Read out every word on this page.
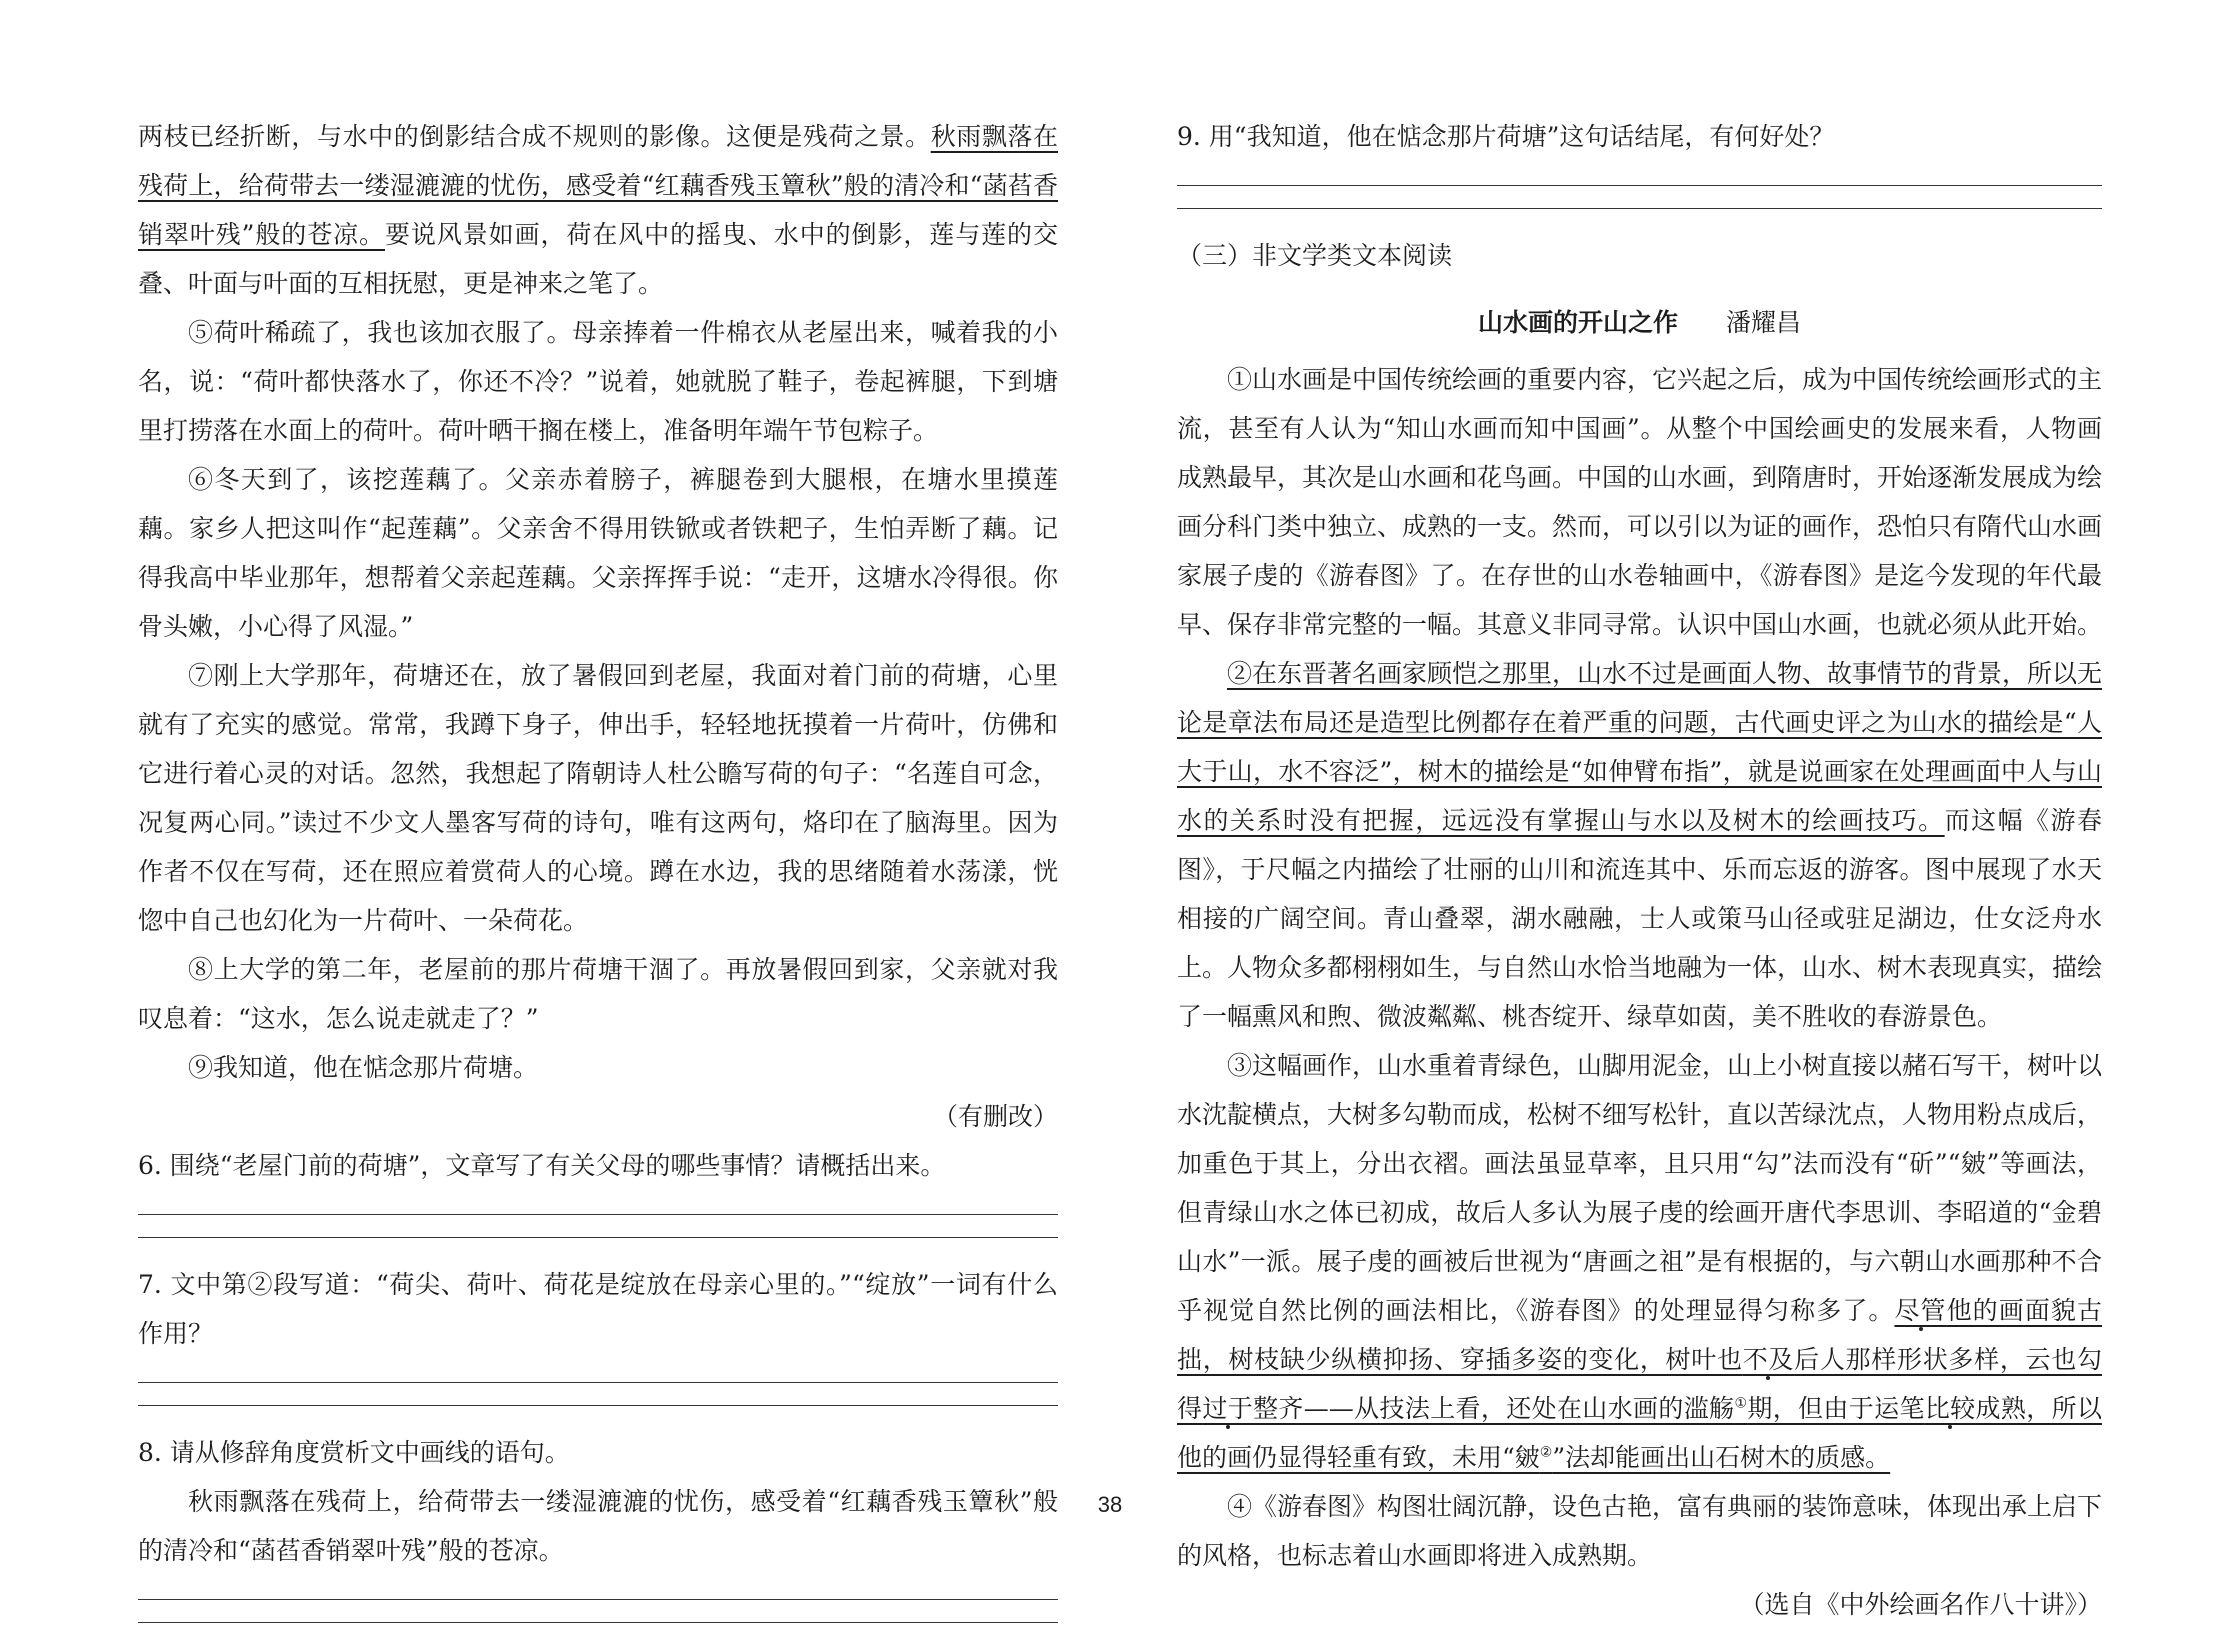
两枝已经折断，与水中的倒影结合成不规则的影像。这便是残荷之景。秋雨飘落在残荷上，给荷带去一缕湿漉漉的忧伤，感受着“红藕香残玉簟秋”般的清冷和“菡萏香销翠叶残”般的苍凉。要说风景如画，荷在风中的摇曳、水中的倒影，莲与莲的交叠、叶面与叶面的互相抚慰，更是神来之笔了。

⑤荷叶稀疏了，我也该加衣服了。母亲捧着一件棉衣从老屋出来，喊着我的小名，说：“荷叶都快落水了，你还不冷？”说着，她就脱了鞋子，卷起裤腿，下到塘里打捞落在水面上的荷叶。荷叶晒干搁在楼上，准备明年端午节包粽子。

⑥冬天到了，该挖莲藕了。父亲赤着膀子，裤腿卷到大腿根，在塘水里摸莲藕。家乡人把这叫作“起莲藕”。父亲舍不得用铁锨或者铁耙子，生怕弄断了藕。记得我高中毕业那年，想帮着父亲起莲藕。父亲挥挥手说：“走开，这塘水冷得很。你骨头嫩，小心得了风湿。”

⑦刚上大学那年，荷塘还在，放了暑假回到老屋，我面对着门前的荷塘，心里就有了充实的感觉。常常，我蹲下身子，伸出手，轻轻地抚摸着一片荷叶，仿佛和它进行着心灵的对话。忽然，我想起了隋朝诗人杜公瞻写荷的句子：“名莲自可念，况复两心同。”读过不少文人墨客写荷的诗句，唯有这两句，烙印在了脑海里。因为作者不仅在写荷，还在照应着赏荷人的心境。蹲在水边，我的思绪随着水荡漾，恍惚中自己也幻化为一片荷叶、一朵荷花。

⑧上大学的第二年，老屋前的那片荷塘干涸了。再放暑假回到家，父亲就对我叹息着：“这水，怎么说走就走了？”

⑨我知道，他在惦念那片荷塘。

（有删改）

6. 围绕“老屋门前的荷塘”，文章写了有关父母的哪些事情？请概括出来。

7. 文中第②段写道：“荷尖、荷叶、荷花是绽放在母亲心里的。”“绽放”一词有什么作用？

8. 请从修辞角度赏析文中画线的语句。

秋雨飘落在残荷上，给荷带去一缕湿漉漉的忧伤，感受着“红藕香残玉簟秋”般的清冷和“菡萏香销翠叶残”般的苍凉。

9. 用“我知道，他在惦念那片荷塘”这句话结尾，有何好处？

（三）非文学类文本阅读

山水画的开山之作 潘耀昌

①山水画是中国传统绘画的重要内容，它兴起之后，成为中国传统绘画形式的主流，甚至有人认为“知山水画而知中国画”。从整个中国绘画史的发展来看，人物画成熟最早，其次是山水画和花鸟画。中国的山水画，到隋唐时，开始逐渐发展成为绘画分科门类中独立、成熟的一支。然而，可以引以为证的画作，恐怕只有隋代山水画家展子虔的《游春图》了。在存世的山水卷轴画中，《游春图》是迄今发现的年代最早、保存非常完整的一幅。其意义非同寻常。认识中国山水画，也就必须从此开始。

②在东晋著名画家顾恺之那里，山水不过是画面人物、故事情节的背景，所以无论是章法布局还是造型比例都存在着严重的问题，古代画史评之为山水的描绘是“人大于山，水不容泛”，树木的描绘是“如伸臂布指”，就是说画家在处理画面中人与山水的关系时没有把握，远远没有掌握山与水以及树木的绘画技巧。而这幅《游春图》，于尺幅之内描绘了壮丽的山川和流连其中、乐而忘返的游客。图中展现了水天相接的广阔空间。青山叠翠，湖水融融，士人或策马山径或驻足湖边，仕女泛舟水上。人物众多都栩栩如生，与自然山水恰当地融为一体，山水、树木表现真实，描绘了一幅熏风和煦、微波粼粼、桃杏绽开、绿草如茵，美不胜收的春游景色。

③这幅画作，山水重着青绿色，山脚用泥金，山上小树直接以赭石写干，树叶以水沈靛横点，大树多勾勒而成，松树不细写松针，直以苦绿沈点，人物用粉点成后，加重色于其上，分出衣褶。画法虽显草率，且只用“勾”法而没有“斫”“皴”等画法，但青绿山水之体已初成，故后人多认为展子虔的绘画开唐代李思训、李昭道的“金碧山水”一派。展子虔的画被后世视为“唐画之祖”是有根据的，与六朝山水画那种不合乎视觉自然比例的画法相比，《游春图》的处理显得匀称多了。尽管他的画面貌古拙，树枝缺少纵横抑扬、穿插多姿的变化，树叶也不及后人那样形状多样，云也勾得过于整齐——从技法上看，还处在山水画的滥觞①期，但由于运笔比较成熟，所以他的画仍显得轻重有致，未用“皴②”法却能画出山石树木的质感。

④《游春图》构图壮阔沉静，设色古艳，富有典丽的装饰意味，体现出承上启下的风格，也标志着山水画即将进入成熟期。

（选自《中外绘画名作八十讲》）

38
